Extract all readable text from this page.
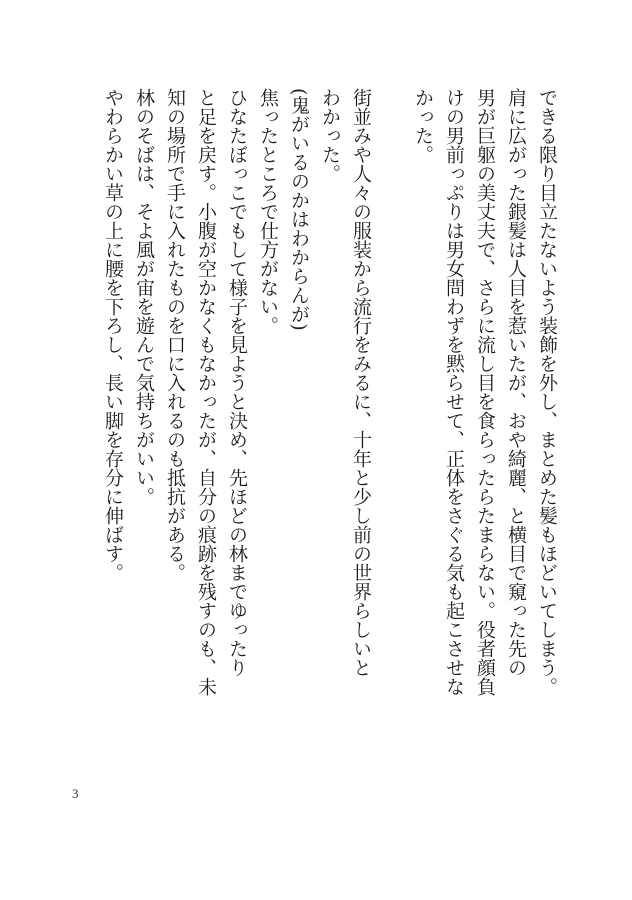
できる限り目立たないよう装飾を外し、まとめた髪もほどいてしまう。
肩に広がった銀髪は人目を惹いたが、おや綺麗、と横目で窺った先の
男が巨躯の美丈夫で、さらに流し目を食らったらたまらない。役者顔負
けの男前っぷりは男女問わずを黙らせて、正体をさぐる気も起こさせな
かった。

街並みや人々の服装から流行をみるに、十年と少し前の世界らしいと
わかった。
(鬼がいるのかはわからんが)
焦ったところで仕方がない。
ひなたぼっこでもして様子を見ようと決め、先ほどの林までゆったり
と足を戻す。小腹が空かなくもなかったが、自分の痕跡を残すのも、未
知の場所で手に入れたものを口に入れるのも抵抗がある。
林のそばは、そよ風が宙を遊んで気持ちがいい。
やわらかい草の上に腰を下ろし、長い脚を存分に伸ばす。
3
